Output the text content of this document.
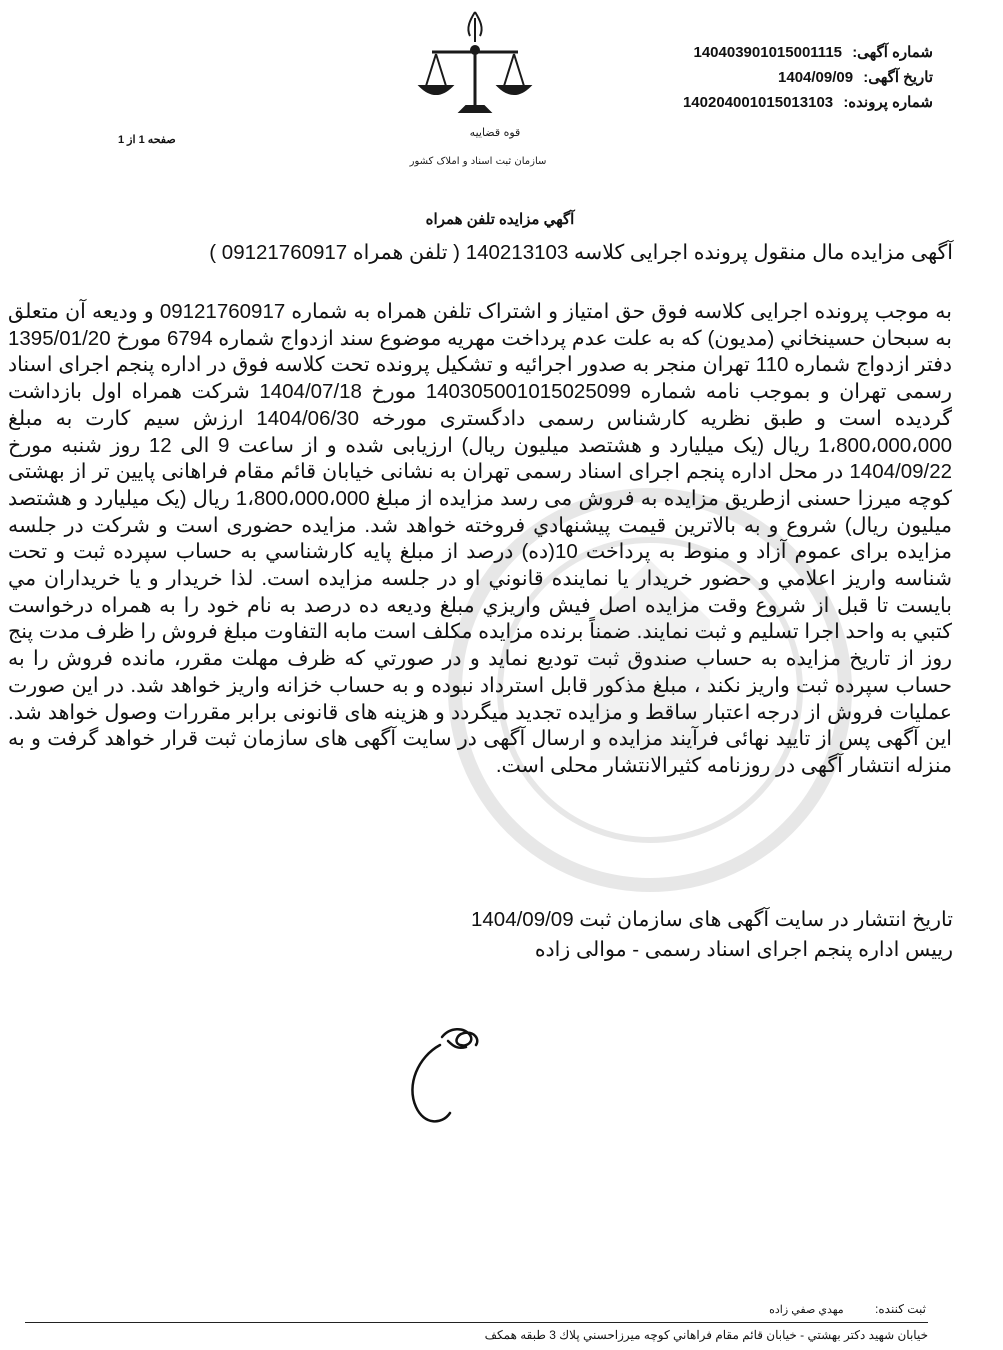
شماره آگهی: 140403901015001115
تاریخ آگهی: 1404/09/09
شماره پرونده: 140204001015013103
صفحه 1 از 1
قوه قضاییه
سازمان ثبت اسناد و املاک کشور
آگهي مزايده تلفن همراه
آگهی مزایده مال منقول پرونده اجرایی کلاسه 140213103 ( تلفن همراه 09121760917 )
به موجب پرونده اجرایی کلاسه فوق حق امتیاز و اشتراک تلفن همراه به شماره 09121760917 و ودیعه آن متعلق به سبحان حسينخاني (مدیون) که به علت عدم پرداخت مهریه موضوع سند ازدواج شماره 6794 مورخ 1395/01/20 دفتر ازدواج شماره 110 تهران منجر به صدور اجرائیه و تشکیل پرونده تحت کلاسه فوق در اداره پنجم اجرای اسناد رسمی تهران و بموجب نامه شماره 140305001015025099 مورخ 1404/07/18 شرکت همراه اول بازداشت گردیده است و طبق نظریه کارشناس رسمی دادگستری مورخه 1404/06/30 ارزش سیم کارت به مبلغ 1،800،000،000 ریال (یک میلیارد و هشتصد میلیون ریال) ارزیابی شده و از ساعت 9 الی 12 روز شنبه مورخ 1404/09/22 در محل اداره پنجم اجرای اسناد رسمی تهران به نشانی خیابان قائم مقام فراهانی پایین تر از بهشتی کوچه میرزا حسنی ازطریق مزایده به فروش می رسد مزایده از مبلغ 1،800،000،000 ریال (یک میلیارد و هشتصد میلیون ریال) شروع و به بالاترین قیمت پیشنهادي فروخته خواهد شد. مزایده حضوری است و شرکت در جلسه مزایده برای عموم آزاد و منوط به پرداخت 10(ده) درصد از مبلغ پايه كارشناسي به حساب سپرده ثبت و تحت شناسه واريز اعلامي و حضور خریدار یا نماینده قانوني او در جلسه مزايده است. لذا خريدار و يا خريداران مي بايست تا قبل از شروع وقت مزايده اصل فيش واريزي مبلغ وديعه ده درصد به نام خود را به همراه درخواست كتبي به واحد اجرا تسليم و ثبت نمايند. ضمناً برنده مزايده مكلف است مابه التفاوت مبلغ فروش را ظرف مدت پنج روز از تاريخ مزايده به حساب صندوق ثبت توديع نمايد و در صورتي كه ظرف مهلت مقرر، مانده فروش را به حساب سپرده ثبت واريز نكند ، مبلغ مذكور قابل استرداد نبوده و به حساب خزانه واريز خواهد شد. در این صورت عملیات فروش از درجه اعتبار ساقط و مزایده تجدید میگردد و هزینه های قانونی برابر مقررات وصول خواهد شد. این آگهی پس از تایید نهائی فرآیند مزایده و ارسال آگهی در سایت آگهی های سازمان ثبت قرار خواهد گرفت و به منزله انتشار آگهی در روزنامه کثیرالانتشار محلی است.
تاریخ انتشار در سایت آگهی های سازمان ثبت 1404/09/09
رییس اداره پنجم اجرای اسناد رسمی - موالی زاده
ثبت كننده: مهدي صفي زاده
خيابان شهيد دكتر بهشتي - خيابان قائم مقام فراهاني كوچه ميرزاحسني پلاك 3 طبقه همكف
